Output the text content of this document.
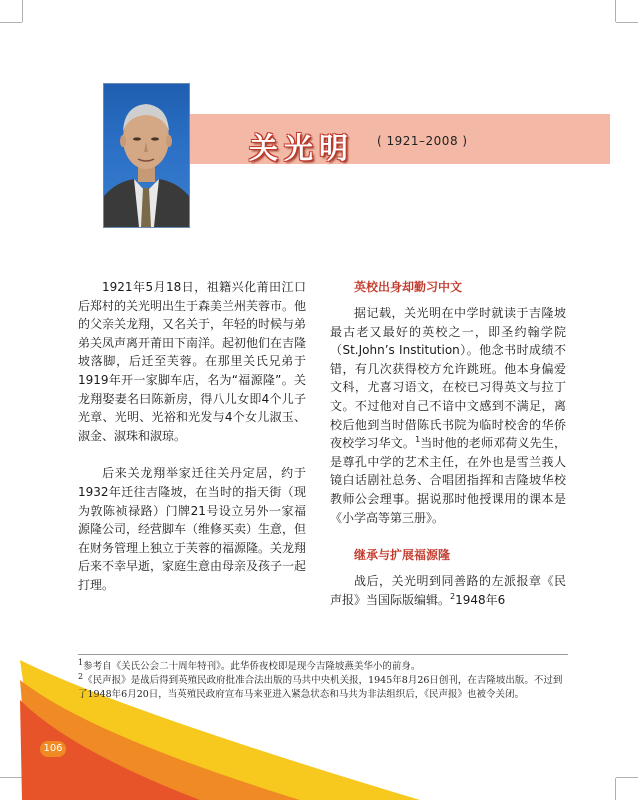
关光明 ( 1921–2008 )

1921年5月18日，祖籍兴化莆田江口后郑村的关光明出生于森美兰州芙蓉市。他的父亲关龙翔，又名关于，年轻的时候与弟弟关凤声离开莆田下南洋。起初他们在吉隆坡落脚，后迁至芙蓉。在那里关氏兄弟于1919年开一家脚车店，名为“福源隆”。关龙翔娶妻名曰陈新房，得八儿女即4个儿子光章、光明、光裕和光发与4个女儿淑玉、淑金、淑珠和淑琼。

后来关龙翔举家迁往关丹定居，约于1932年迁往吉隆坡，在当时的指天街（现为敦陈祯禄路）门牌21号设立另外一家福源隆公司，经营脚车（维修买卖）生意，但在财务管理上独立于芙蓉的福源隆。关龙翔后来不幸早逝，家庭生意由母亲及孩子一起打理。

英校出身却勤习中文

据记载，关光明在中学时就读于吉隆坡最古老又最好的英校之一，即圣约翰学院（St.John’s Institution）。他念书时成绩不错，有几次获得校方允许跳班。他本身偏爱文科，尤喜习语文，在校已习得英文与拉丁文。不过他对自己不谙中文感到不满足，离校后他到当时借陈氏书院为临时校舍的华侨夜校学习华文。$^1$当时他的老师邓荷义先生，是尊孔中学的艺术主任，在外也是雪兰莪人镜白话剧社总务、合唱团指挥和吉隆坡华校教师公会理事。据说那时他授课用的课本是《小学高等第三册》。

继承与扩展福源隆

战后，关光明到同善路的左派报章《民声报》当国际版编辑。$^2$1948年6

$^1$参考自《关氏公会二十周年特刊》。此华侨夜校即是现今吉隆坡燕美华小的前身。

$^2$《民声报》是战后得到英殖民政府批准合法出版的马共中央机关报，1945年8月26日创刊，在吉隆坡出版。不过到了1948年6月20日，当英殖民政府宣布马来亚进入紧急状态和马共为非法组织后，《民声报》也被令关闭。

106
